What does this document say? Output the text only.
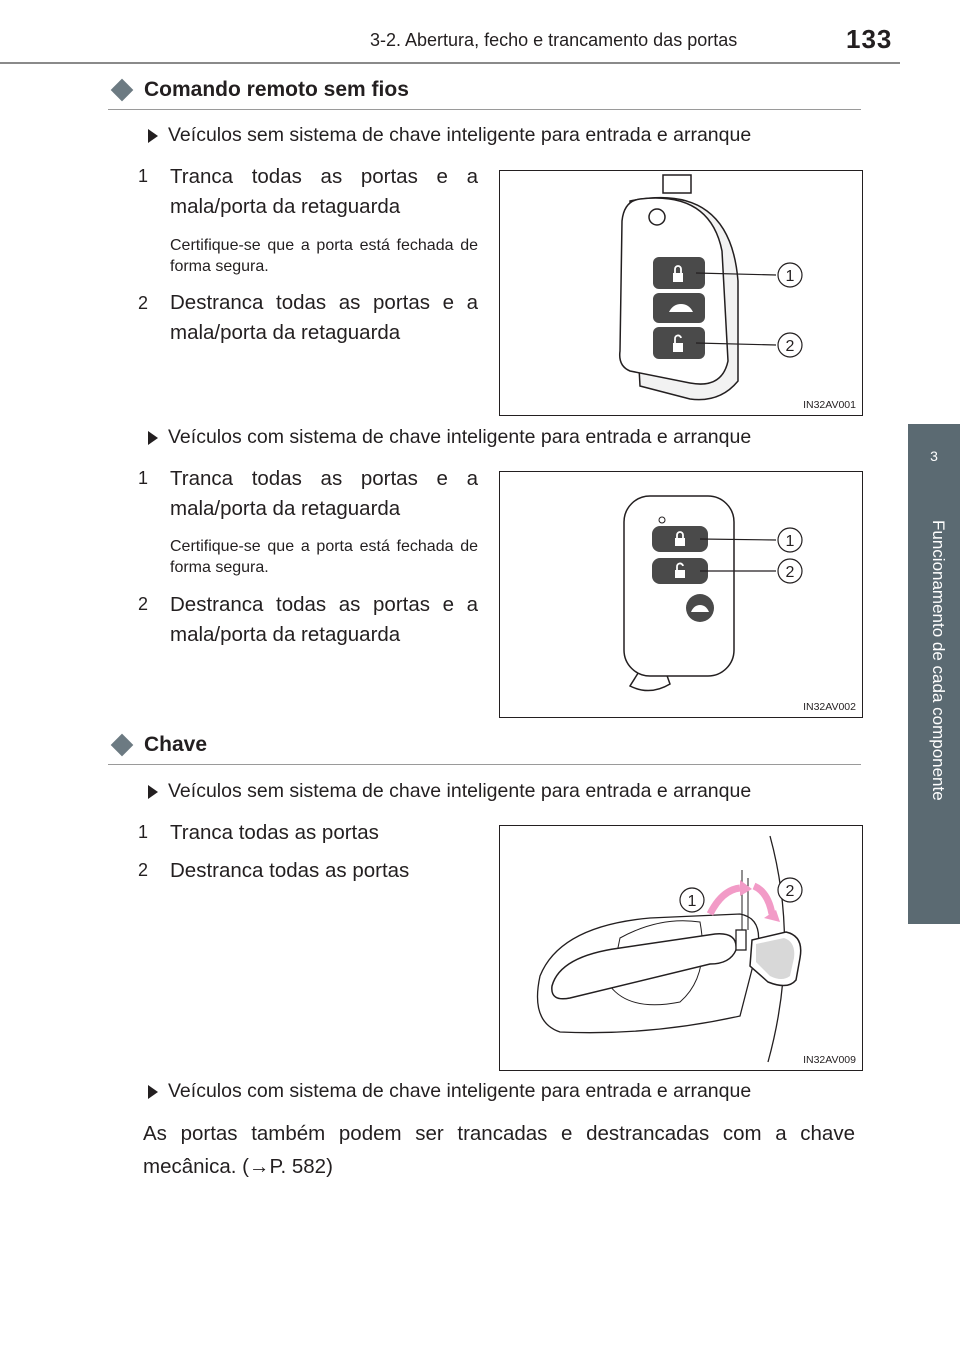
3-2. Abertura, fecho e trancamento das portas	133
3
Funcionamento de cada componente
Comando remoto sem fios
Veículos sem sistema de chave inteligente para entrada e arranque
1 Tranca todas as portas e a mala/porta da retaguarda
Certifique-se que a porta está fechada de forma segura.
2 Destranca todas as portas e a mala/porta da retaguarda
1
2
IN32AV001
Veículos com sistema de chave inteligente para entrada e arranque
1 Tranca todas as portas e a mala/porta da retaguarda
Certifique-se que a porta está fechada de forma segura.
2 Destranca todas as portas e a mala/porta da retaguarda
1
2
IN32AV002
Chave
Veículos sem sistema de chave inteligente para entrada e arranque
1 Tranca todas as portas
2 Destranca todas as portas
1
2
IN32AV009
Veículos com sistema de chave inteligente para entrada e arranque
As portas também podem ser trancadas e destrancadas com a chave mecânica. (→P. 582)
